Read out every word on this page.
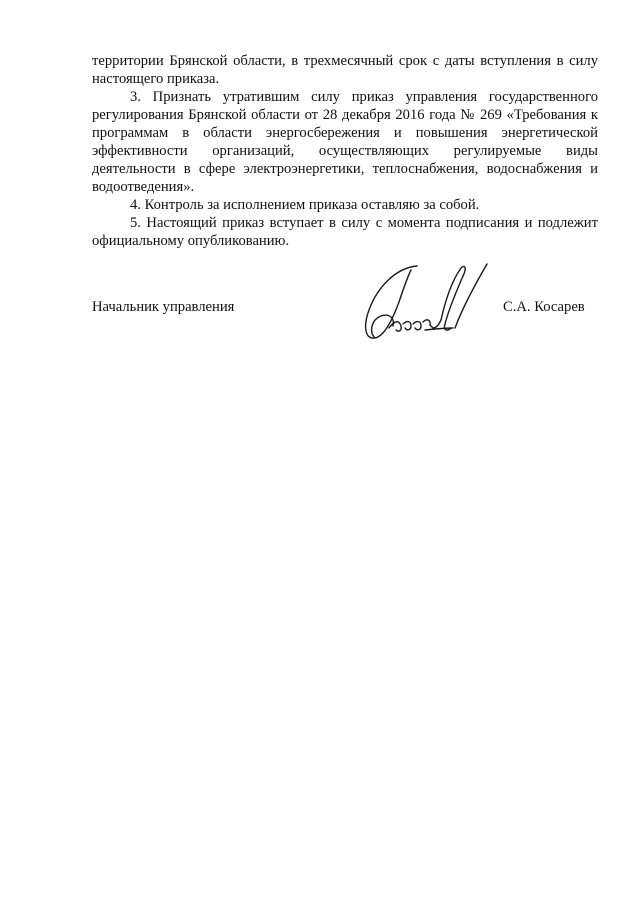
территории Брянской области, в трехмесячный срок с даты вступления в силу настоящего приказа.

3. Признать утратившим силу приказ управления государственного регулирования Брянской области от 28 декабря 2016 года № 269 «Требования к программам в области энергосбережения и повышения энергетической эффективности организаций, осуществляющих регулируемые виды деятельности в сфере электроэнергетики, теплоснабжения, водоснабжения и водоотведения».

4. Контроль за исполнением приказа оставляю за собой.

5. Настоящий приказ вступает в силу с момента подписания и подлежит официальному опубликованию.

Начальник управления	С.А. Косарев
